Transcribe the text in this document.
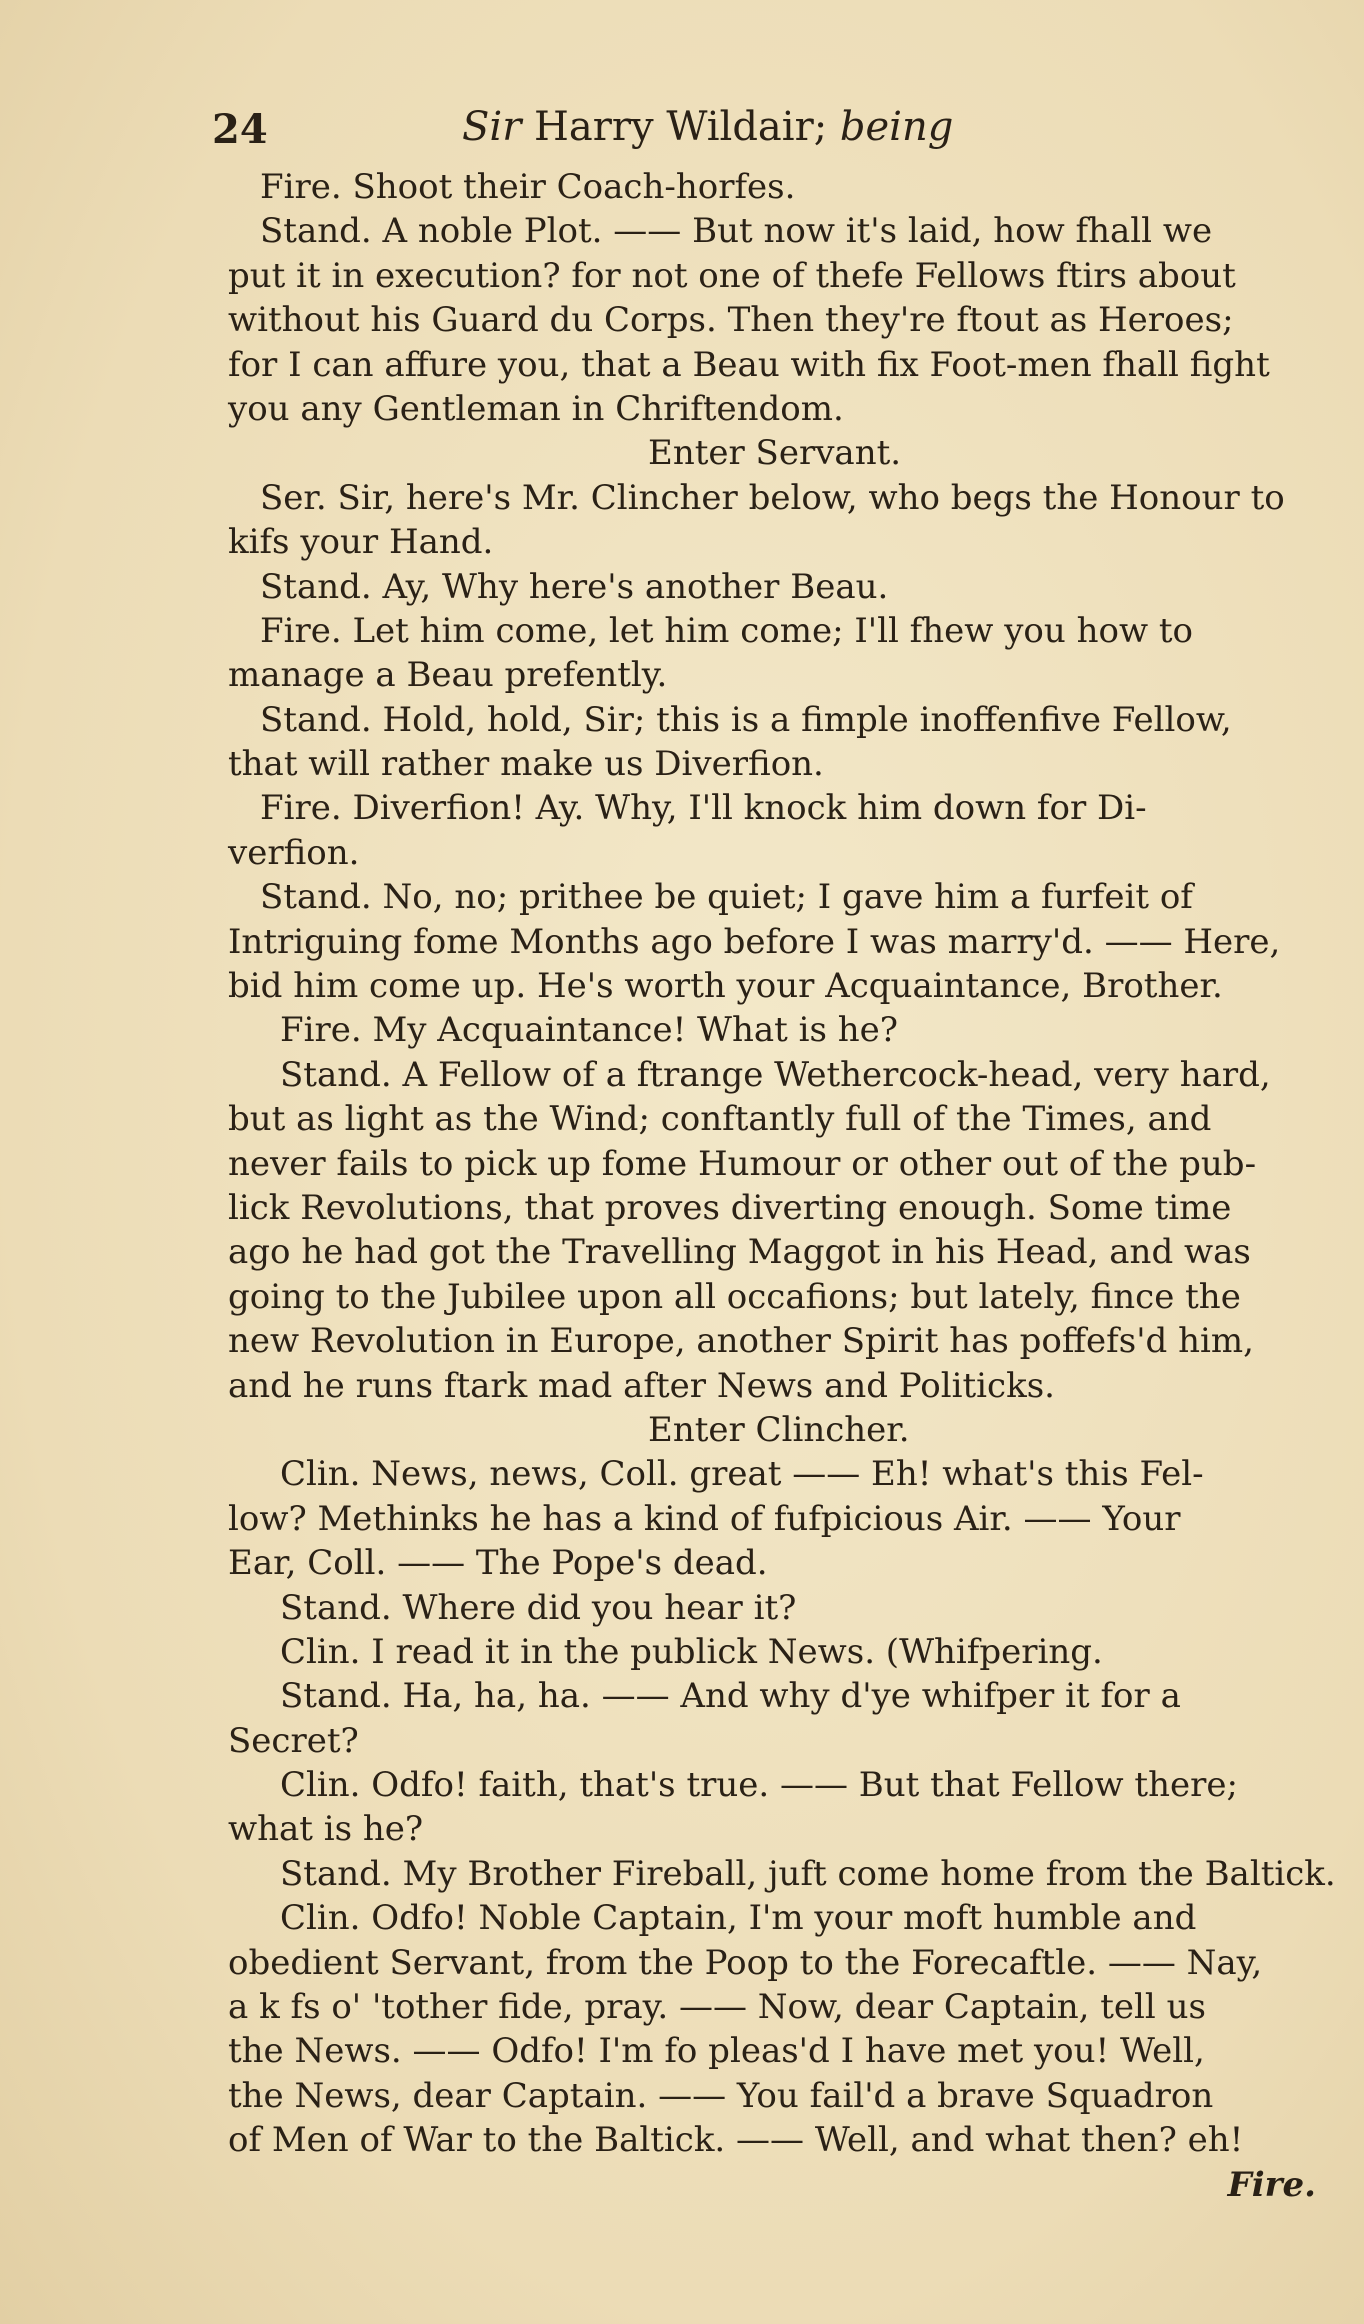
24	Sir Harry Wildair; being
Fire. Shoot their Coach-horfes.
Stand. A noble Plot. —— But now it's laid, how fhall we
put it in execution? for not one of thefe Fellows ftirs about
without his Guard du Corps. Then they're ftout as Heroes;
for I can affure you, that a Beau with fix Foot-men fhall fight
you any Gentleman in Chriftendom.
Enter Servant.
Ser. Sir, here's Mr. Clincher below, who begs the Honour to
kifs your Hand.
Stand. Ay, Why here's another Beau.
Fire. Let him come, let him come; I'll fhew you how to
manage a Beau prefently.
Stand. Hold, hold, Sir; this is a fimple inoffenfive Fellow,
that will rather make us Diverfion.
Fire. Diverfion! Ay. Why, I'll knock him down for Di-
verfion.
Stand. No, no; prithee be quiet; I gave him a furfeit of
Intriguing fome Months ago before I was marry'd. —— Here,
bid him come up. He's worth your Acquaintance, Brother.
Fire. My Acquaintance! What is he?
Stand. A Fellow of a ftrange Wethercock-head, very hard,
but as light as the Wind; conftantly full of the Times, and
never fails to pick up fome Humour or other out of the pub-
lick Revolutions, that proves diverting enough. Some time
ago he had got the Travelling Maggot in his Head, and was
going to the Jubilee upon all occafions; but lately, fince the
new Revolution in Europe, another Spirit has poffefs'd him,
and he runs ftark mad after News and Politicks.
Enter Clincher.
Clin. News, news, Coll. great —— Eh! what's this Fel-
low? Methinks he has a kind of fufpicious Air. —— Your
Ear, Coll. —— The Pope's dead.
Stand. Where did you hear it?
Clin. I read it in the publick News. (Whifpering.
Stand. Ha, ha, ha. —— And why d'ye whifper it for a
Secret?
Clin. Odfo! faith, that's true. —— But that Fellow there;
what is he?
Stand. My Brother Fireball, juft come home from the Baltick.
Clin. Odfo! Noble Captain, I'm your moft humble and
obedient Servant, from the Poop to the Forecaftle. —— Nay,
a k fs o' 'tother fide, pray. —— Now, dear Captain, tell us
the News. —— Odfo! I'm fo pleas'd I have met you! Well,
the News, dear Captain. —— You fail'd a brave Squadron
of Men of War to the Baltick. —— Well, and what then? eh!
Fire.
